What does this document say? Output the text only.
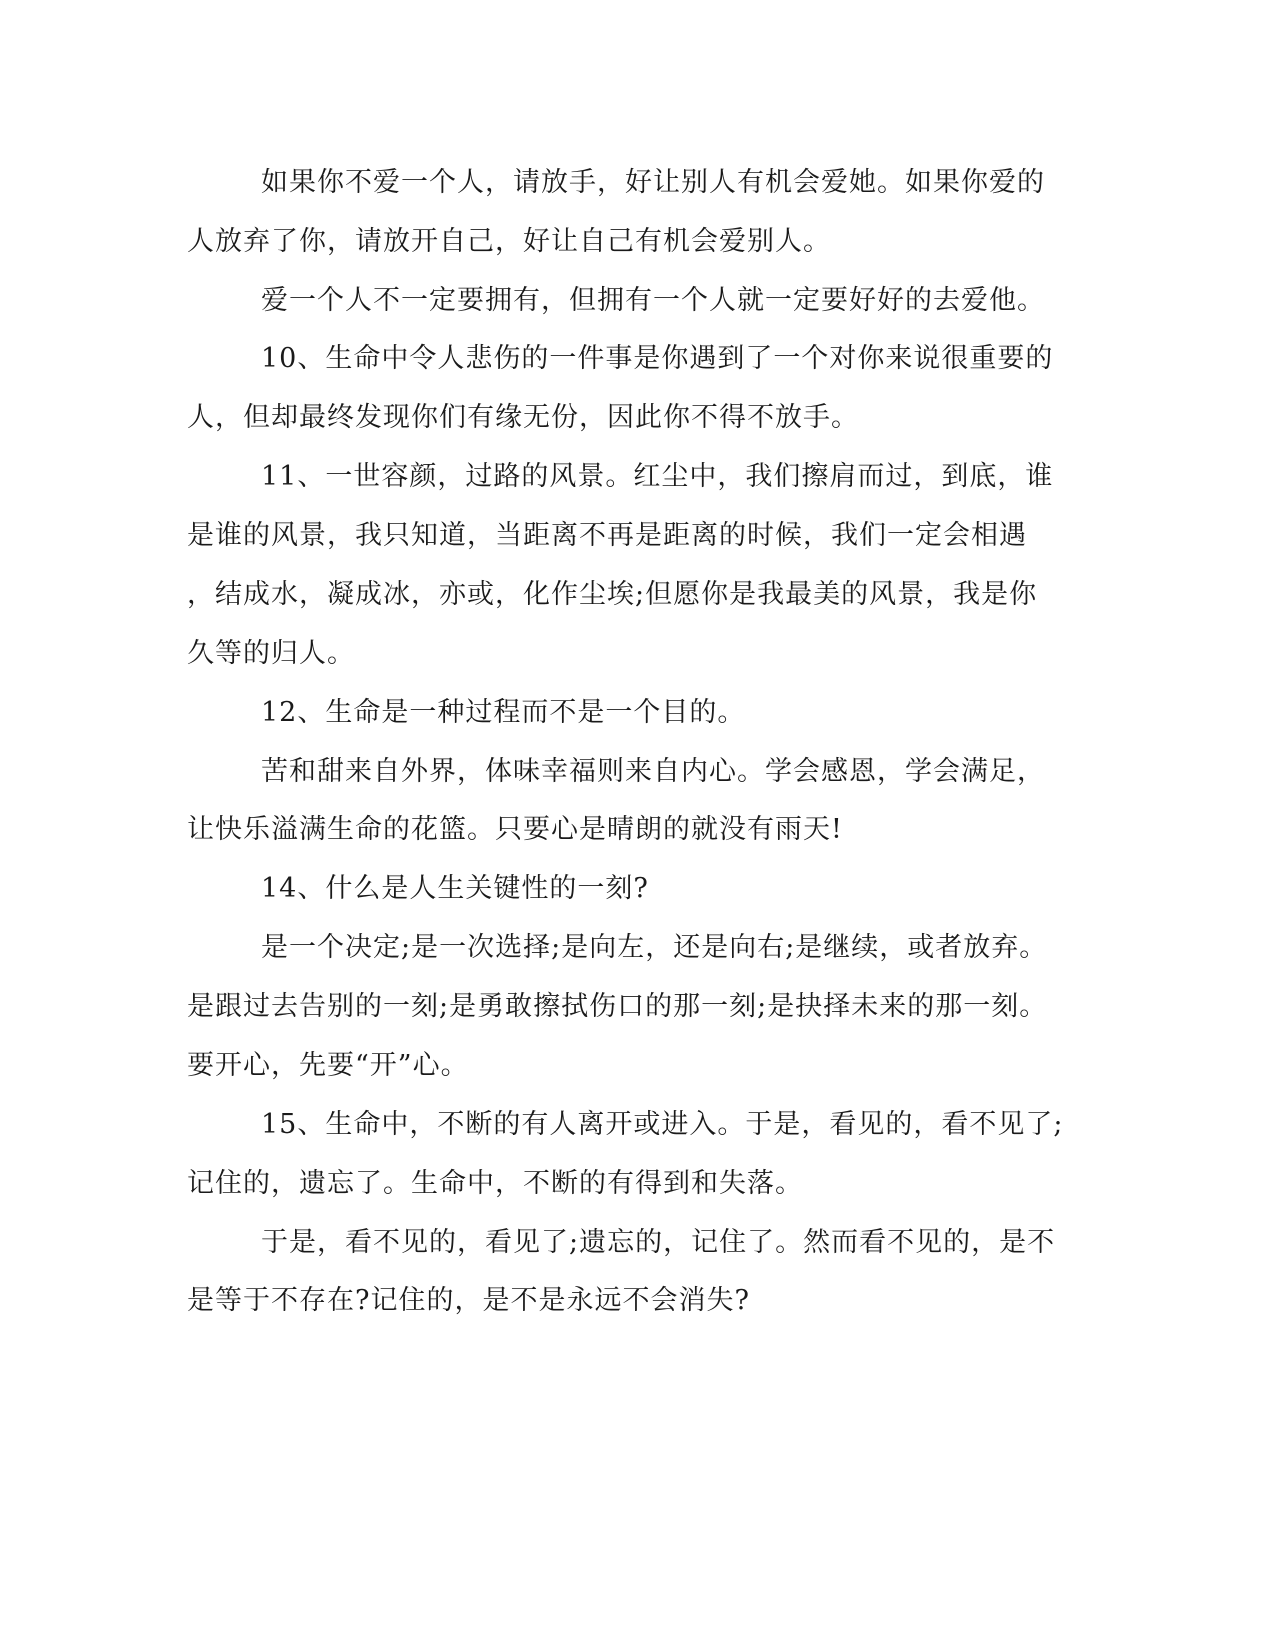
如果你不爱一个人，请放手，好让别人有机会爱她。如果你爱的
人放弃了你，请放开自己，好让自己有机会爱别人。
爱一个人不一定要拥有，但拥有一个人就一定要好好的去爱他。
10、生命中令人悲伤的一件事是你遇到了一个对你来说很重要的
人，但却最终发现你们有缘无份，因此你不得不放手。
11、一世容颜，过路的风景。红尘中，我们擦肩而过，到底，谁
是谁的风景，我只知道，当距离不再是距离的时候，我们一定会相遇
，结成水，凝成冰，亦或，化作尘埃;但愿你是我最美的风景，我是你
久等的归人。
12、生命是一种过程而不是一个目的。
苦和甜来自外界，体味幸福则来自内心。学会感恩，学会满足，
让快乐溢满生命的花篮。只要心是晴朗的就没有雨天!
14、什么是人生关键性的一刻?
是一个决定;是一次选择;是向左，还是向右;是继续，或者放弃。
是跟过去告别的一刻;是勇敢擦拭伤口的那一刻;是抉择未来的那一刻。
要开心，先要“开”心。
15、生命中，不断的有人离开或进入。于是，看见的，看不见了;
记住的，遗忘了。生命中，不断的有得到和失落。
于是，看不见的，看见了;遗忘的，记住了。然而看不见的，是不
是等于不存在?记住的，是不是永远不会消失?
